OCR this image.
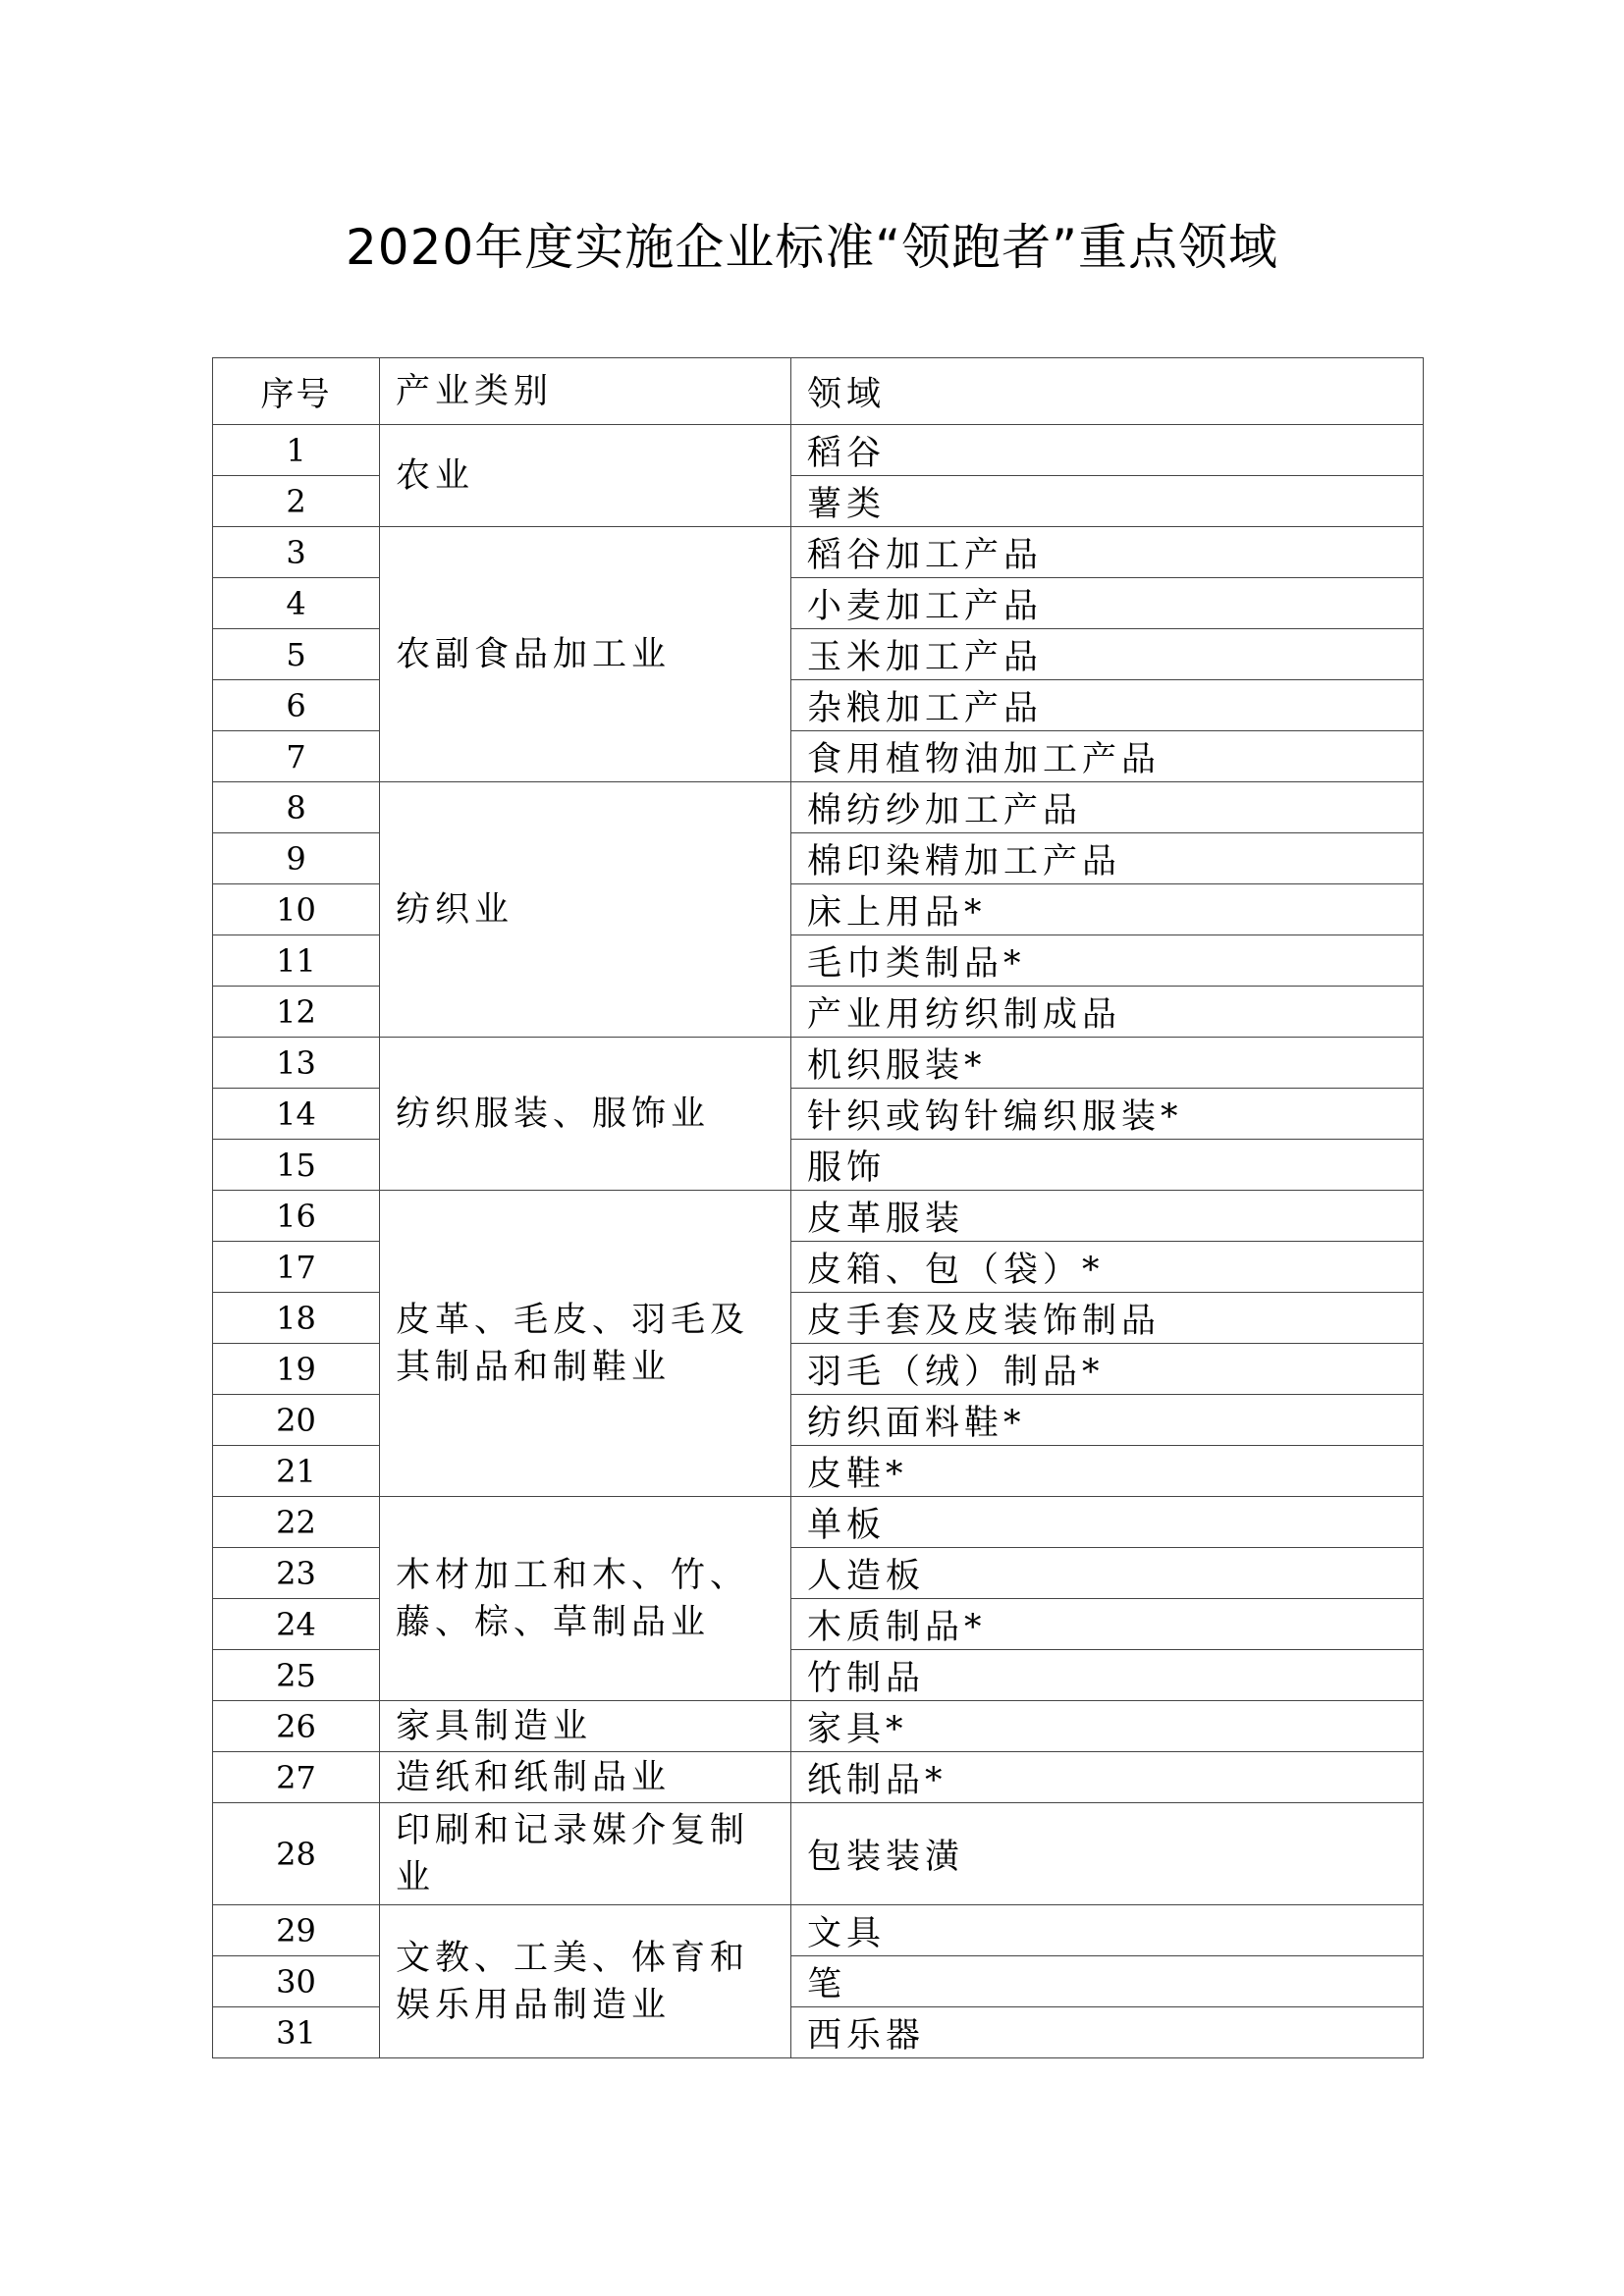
2020年度实施企业标准“领跑者”重点领域
序号	产业类别	领域
1	农业	稻谷
2		薯类
3	农副食品加工业	稻谷加工产品
4		小麦加工产品
5		玉米加工产品
6		杂粮加工产品
7		食用植物油加工产品
8	纺织业	棉纺纱加工产品
9		棉印染精加工产品
10		床上用品*
11		毛巾类制品*
12		产业用纺织制成品
13	纺织服装、服饰业	机织服装*
14		针织或钩针编织服装*
15		服饰
16	皮革、毛皮、羽毛及其制品和制鞋业	皮革服装
17		皮箱、包（袋）*
18		皮手套及皮装饰制品
19		羽毛（绒）制品*
20		纺织面料鞋*
21		皮鞋*
22	木材加工和木、竹、藤、棕、草制品业	单板
23		人造板
24		木质制品*
25		竹制品
26	家具制造业	家具*
27	造纸和纸制品业	纸制品*
28	印刷和记录媒介复制业	包装装潢
29	文教、工美、体育和娱乐用品制造业	文具
30		笔
31		西乐器
